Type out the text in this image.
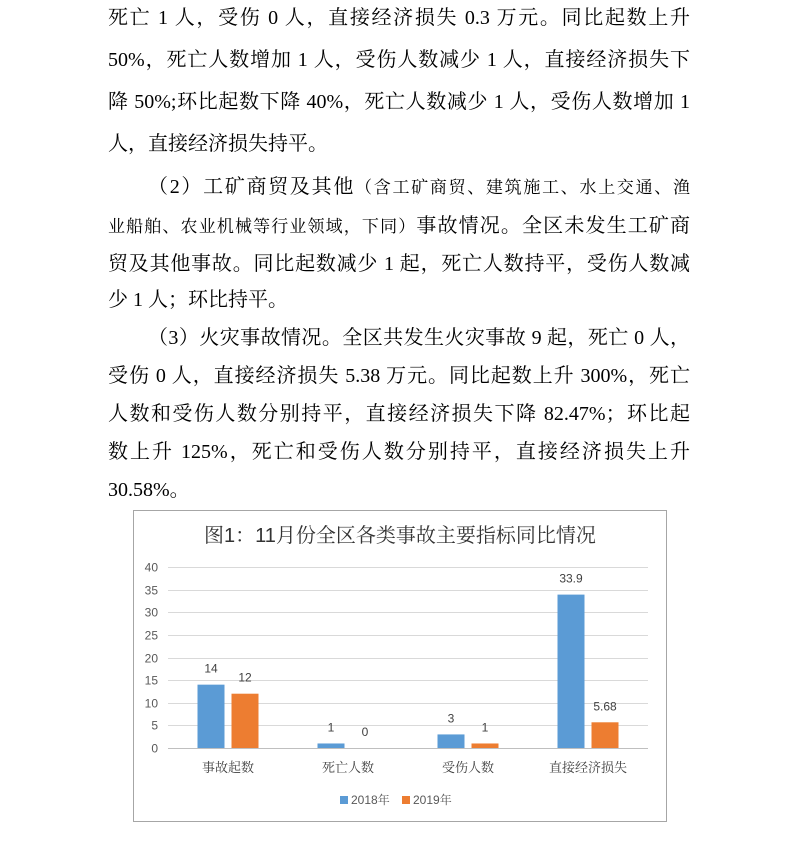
死亡 1 人，受伤 0 人，直接经济损失 0.3 万元。同比起数上升
50%，死亡人数增加 1 人，受伤人数减少 1 人，直接经济损失下
降 50%;环比起数下降 40%，死亡人数减少 1 人，受伤人数增加 1
人，直接经济损失持平。
（2）工矿商贸及其他（含工矿商贸、建筑施工、水上交通、渔
业船舶、农业机械等行业领域，下同）事故情况。全区未发生工矿商
贸及其他事故。同比起数减少 1 起，死亡人数持平，受伤人数减
少 1 人；环比持平。
（3）火灾事故情况。全区共发生火灾事故 9 起，死亡 0 人，
受伤 0 人，直接经济损失 5.38 万元。同比起数上升 300%，死亡
人数和受伤人数分别持平，直接经济损失下降 82.47%；环比起
数上升 125%，死亡和受伤人数分别持平，直接经济损失上升
30.58%。
图1：11月份全区各类事故主要指标同比情况
0
5
10
15
20
25
30
35
40
14
1
3
33.9
12
0	1
5.68
事故起数	死亡人数	受伤人数	直接经济损失
2018年 2019年
